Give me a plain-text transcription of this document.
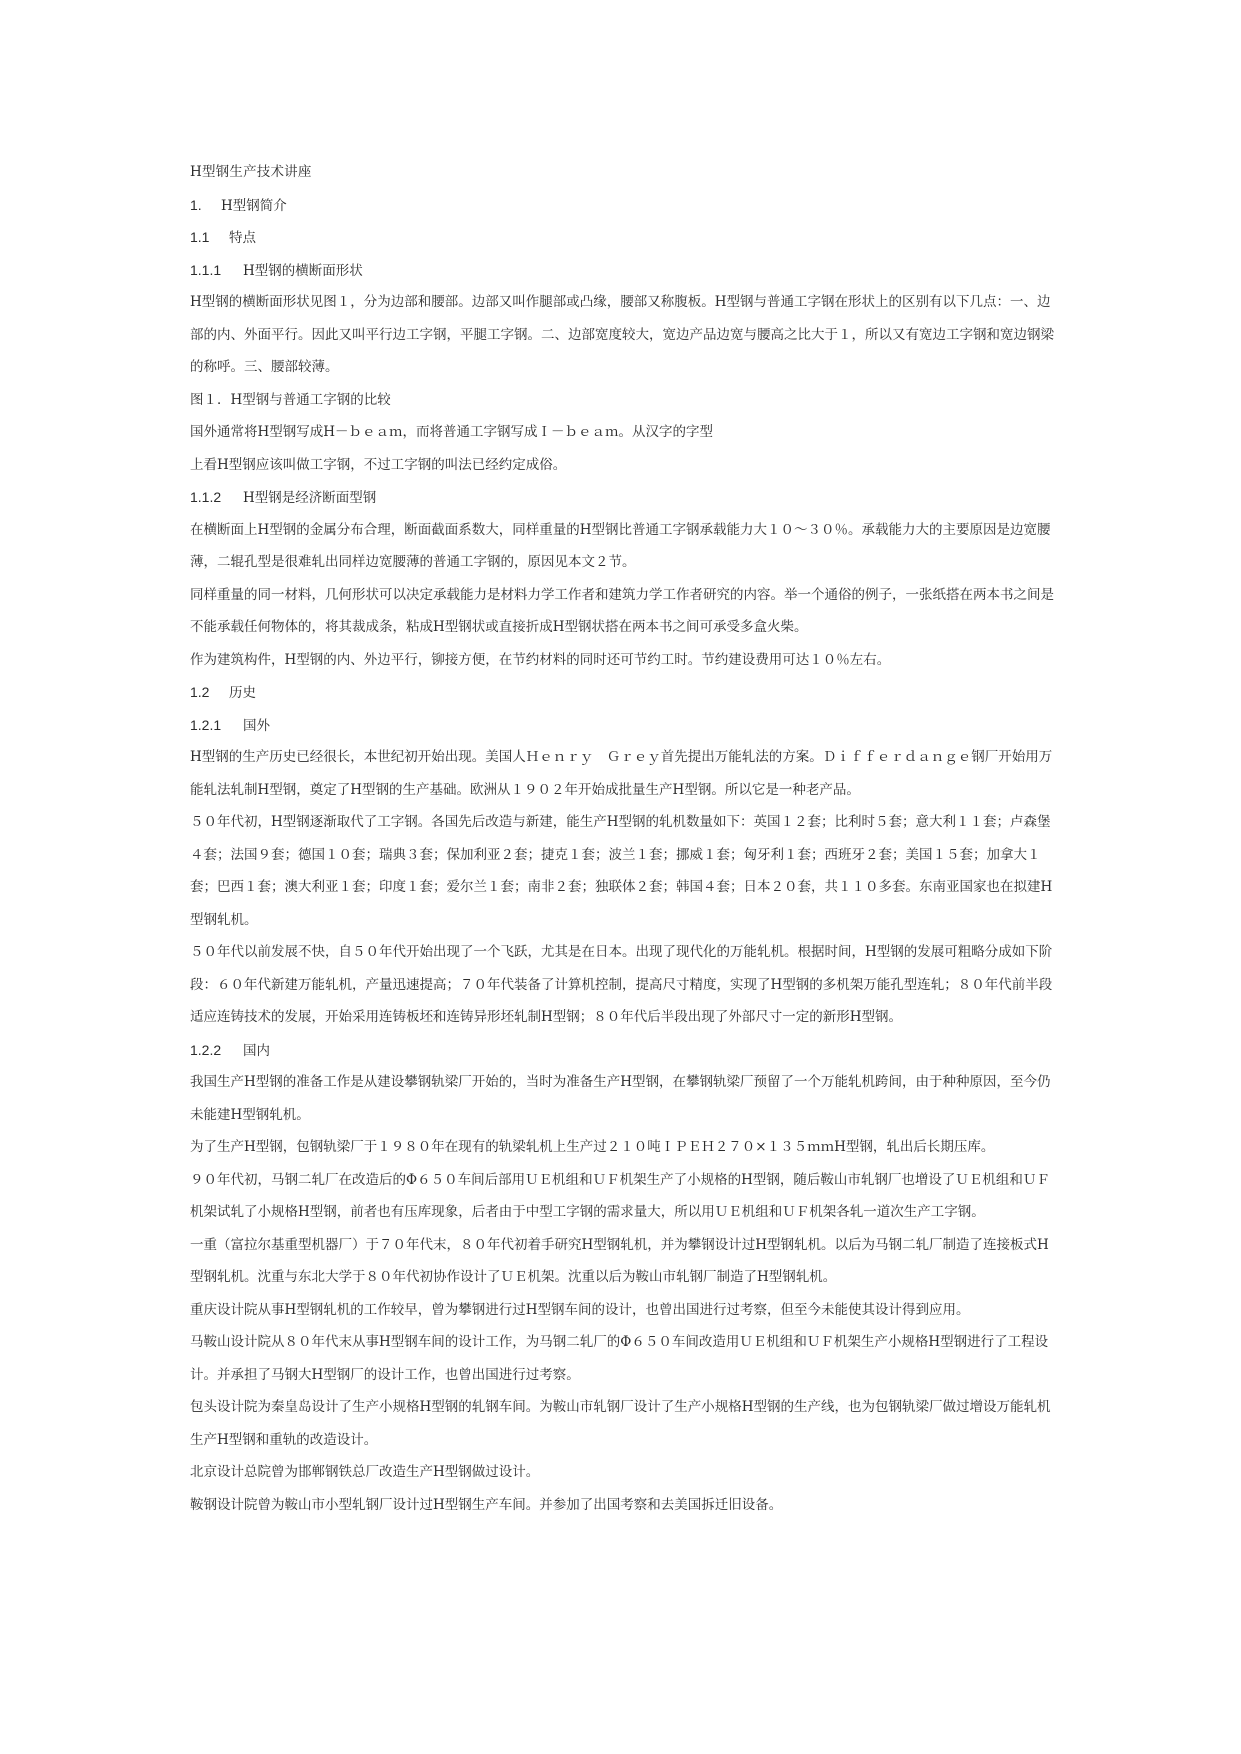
H型钢生产技术讲座
1. H型钢简介
1.1 特点
1.1.1 H型钢的横断面形状
H型钢的横断面形状见图１，分为边部和腰部。边部又叫作腿部或凸缘，腰部又称腹板。H型钢与普通工字钢在形状上的区别有以下几点：一、边部的内、外面平行。因此又叫平行边工字钢，平腿工字钢。二、边部宽度较大，宽边产品边宽与腰高之比大于１，所以又有宽边工字钢和宽边钢梁的称呼。三、腰部较薄。
图１．H型钢与普通工字钢的比较
国外通常将H型钢写成H－ｂｅａｍ，而将普通工字钢写成Ｉ－ｂｅａｍ。从汉字的字型
上看H型钢应该叫做工字钢，不过工字钢的叫法已经约定成俗。
1.1.2 H型钢是经济断面型钢
在横断面上H型钢的金属分布合理，断面截面系数大，同样重量的H型钢比普通工字钢承载能力大１０～３０％。承载能力大的主要原因是边宽腰薄，二辊孔型是很难轧出同样边宽腰薄的普通工字钢的，原因见本文２节。
同样重量的同一材料，几何形状可以决定承载能力是材料力学工作者和建筑力学工作者研究的内容。举一个通俗的例子，一张纸搭在两本书之间是不能承载任何物体的，将其裁成条，粘成H型钢状或直接折成H型钢状搭在两本书之间可承受多盒火柴。
作为建筑构件，H型钢的内、外边平行，铆接方便，在节约材料的同时还可节约工时。节约建设费用可达１０％左右。
1.2 历史
1.2.1 国外
H型钢的生产历史已经很长，本世纪初开始出现。美国人Ｈｅｎｒｙ　Ｇｒｅｙ首先提出万能轧法的方案。Ｄｉｆｆｅｒｄａｎｇｅ钢厂开始用万能轧法轧制H型钢，奠定了H型钢的生产基础。欧洲从１９０２年开始成批量生产H型钢。所以它是一种老产品。
５０年代初，H型钢逐渐取代了工字钢。各国先后改造与新建，能生产H型钢的轧机数量如下：英国１２套；比利时５套；意大利１１套；卢森堡４套；法国９套；德国１０套；瑞典３套；保加利亚２套；捷克１套；波兰１套；挪威１套；匈牙利１套；西班牙２套；美国１５套；加拿大１套；巴西１套；澳大利亚１套；印度１套；爱尔兰１套；南非２套；独联体２套；韩国４套；日本２０套，共１１０多套。东南亚国家也在拟建H型钢轧机。
５０年代以前发展不快，自５０年代开始出现了一个飞跃，尤其是在日本。出现了现代化的万能轧机。根据时间，H型钢的发展可粗略分成如下阶段：６０年代新建万能轧机，产量迅速提高；７０年代装备了计算机控制，提高尺寸精度，实现了H型钢的多机架万能孔型连轧；８０年代前半段适应连铸技术的发展，开始采用连铸板坯和连铸异形坯轧制H型钢；８０年代后半段出现了外部尺寸一定的新形H型钢。
1.2.2 国内
我国生产H型钢的准备工作是从建设攀钢轨梁厂开始的，当时为准备生产H型钢，在攀钢轨梁厂预留了一个万能轧机跨间，由于种种原因，至今仍未能建H型钢轧机。
为了生产H型钢，包钢轨梁厂于１９８０年在现有的轨梁轧机上生产过２１０吨ＩＰＥＨ２７０×１３５ｍｍH型钢，轧出后长期压库。
９０年代初，马钢二轧厂在改造后的Φ６５０车间后部用ＵＥ机组和ＵＦ机架生产了小规格的H型钢，随后鞍山市轧钢厂也增设了ＵＥ机组和ＵＦ机架试轧了小规格H型钢，前者也有压库现象，后者由于中型工字钢的需求量大，所以用ＵＥ机组和ＵＦ机架各轧一道次生产工字钢。
一重（富拉尔基重型机器厂）于７０年代末，８０年代初着手研究H型钢轧机，并为攀钢设计过H型钢轧机。以后为马钢二轧厂制造了连接板式H型钢轧机。沈重与东北大学于８０年代初协作设计了ＵＥ机架。沈重以后为鞍山市轧钢厂制造了H型钢轧机。
重庆设计院从事H型钢轧机的工作较早，曾为攀钢进行过H型钢车间的设计，也曾出国进行过考察，但至今未能使其设计得到应用。
马鞍山设计院从８０年代末从事H型钢车间的设计工作，为马钢二轧厂的Φ６５０车间改造用ＵＥ机组和ＵＦ机架生产小规格H型钢进行了工程设计。并承担了马钢大H型钢厂的设计工作，也曾出国进行过考察。
包头设计院为秦皇岛设计了生产小规格H型钢的轧钢车间。为鞍山市轧钢厂设计了生产小规格H型钢的生产线，也为包钢轨梁厂做过增设万能轧机生产H型钢和重轨的改造设计。
北京设计总院曾为邯郸钢铁总厂改造生产H型钢做过设计。
鞍钢设计院曾为鞍山市小型轧钢厂设计过H型钢生产车间。并参加了出国考察和去美国拆迁旧设备。
